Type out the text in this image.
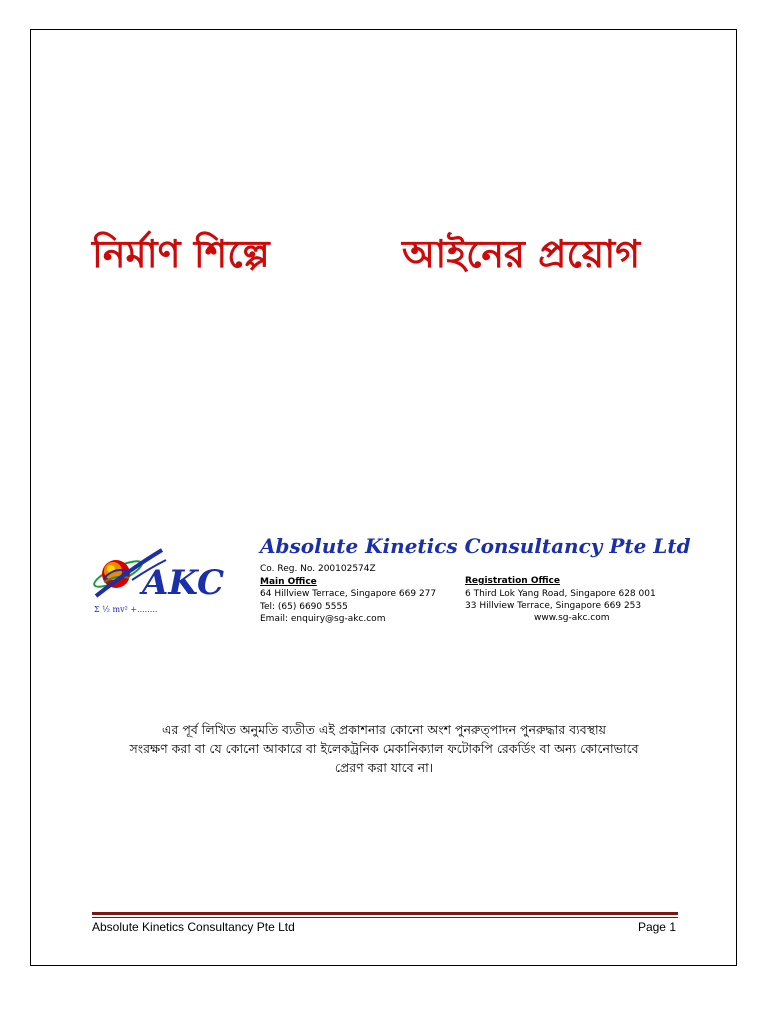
নির্মাণ শিল্পে	আইনের প্রয়োগ
AKC
Σ ½ mv² +........
Absolute Kinetics Consultancy Pte Ltd
Co. Reg. No. 200102574Z
Main Office
64 Hillview Terrace, Singapore 669 277
Tel: (65) 6690 5555
Email: enquiry@sg-akc.com
Registration Office
6 Third Lok Yang Road, Singapore 628 001
33 Hillview Terrace, Singapore 669 253
www.sg-akc.com
এর পূর্ব লিখিত অনুমতি ব্যতীত এই প্রকাশনার কোনো অংশ পুনরুত্পাদন পুনরুদ্ধার ব্যবস্থায়
সংরক্ষণ করা বা যে কোনো আকারে বা ইলেকট্রনিক মেকানিক্যাল ফটোকপি রেকর্ডিং বা অন্য কোনোভাবে
প্রেরণ করা যাবে না।
Absolute Kinetics Consultancy Pte Ltd	Page 1
